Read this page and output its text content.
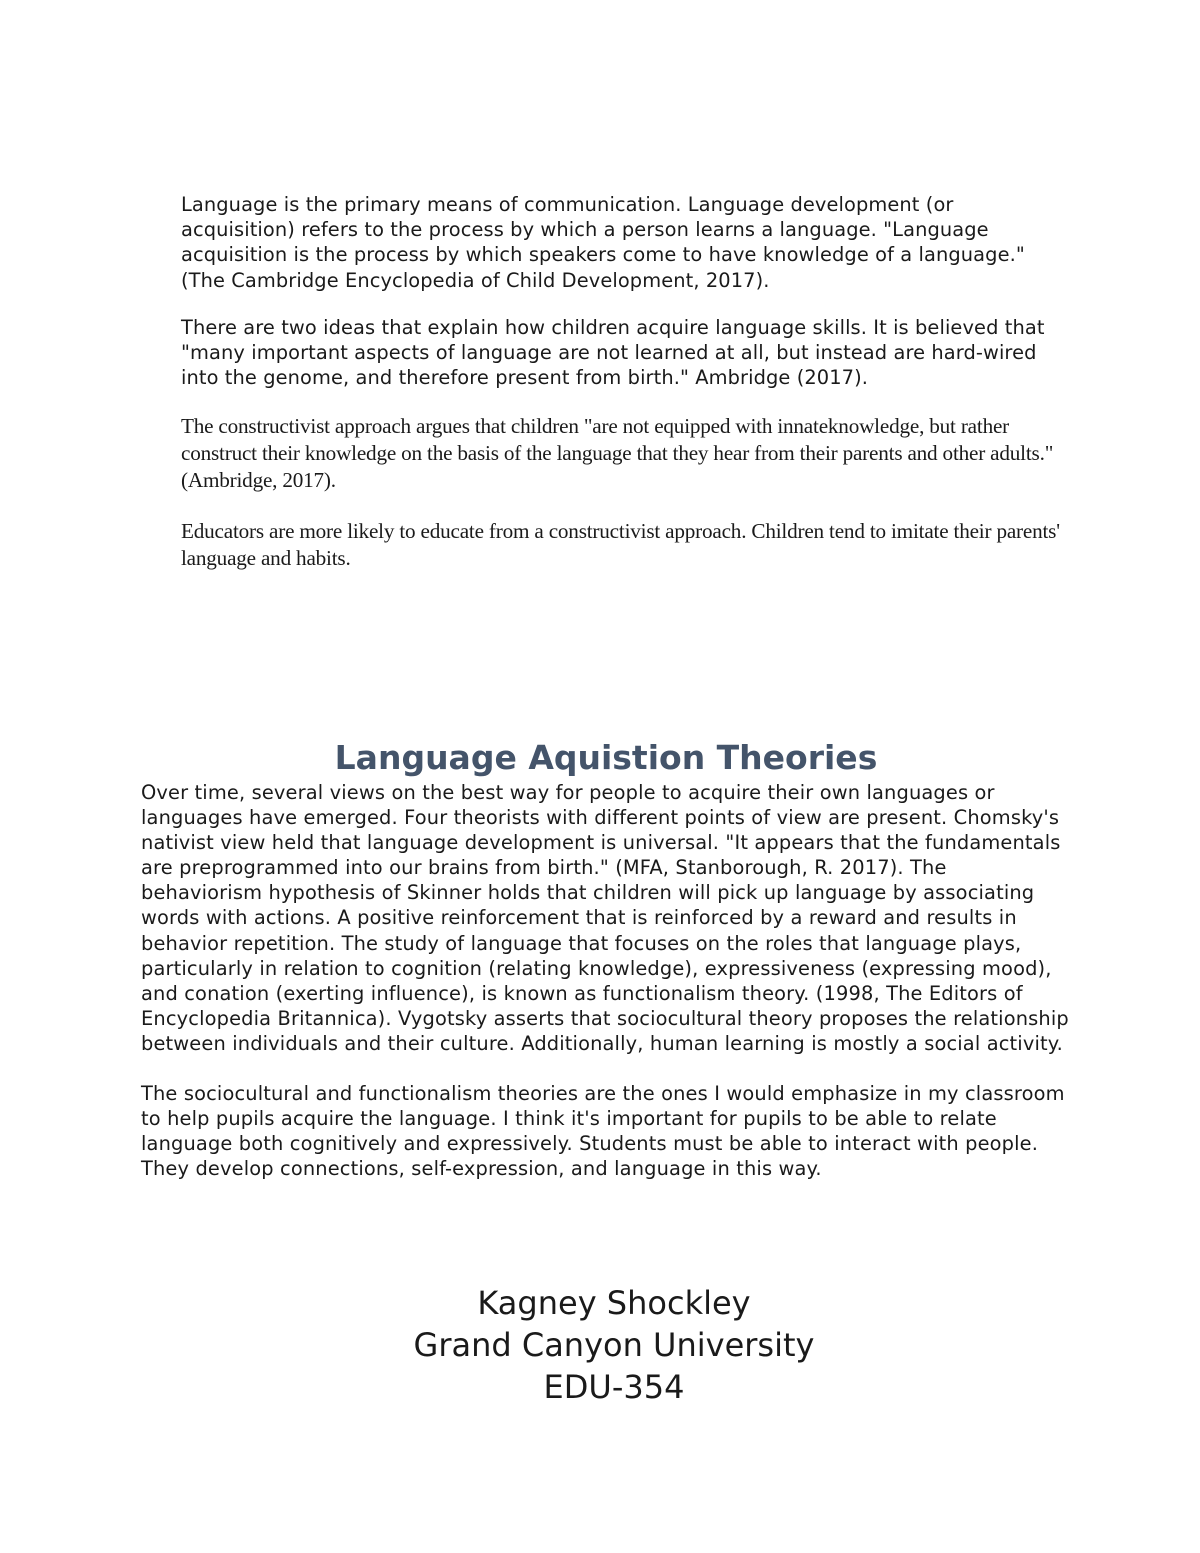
Language is the primary means of communication. Language development (or acquisition) refers to the process by which a person learns a language. "Language acquisition is the process by which speakers come to have knowledge of a language." (The Cambridge Encyclopedia of Child Development, 2017).

There are two ideas that explain how children acquire language skills. It is believed that "many important aspects of language are not learned at all, but instead are hard-wired into the genome, and therefore present from birth." Ambridge (2017).

The constructivist approach argues that children "are not equipped with innateknowledge, but rather construct their knowledge on the basis of the language that they hear from their parents and other adults." (Ambridge, 2017).

Educators are more likely to educate from a constructivist approach. Children tend to imitate their parents' language and habits.

Language Aquistion Theories

Over time, several views on the best way for people to acquire their own languages or languages have emerged. Four theorists with different points of view are present. Chomsky's nativist view held that language development is universal. "It appears that the fundamentals are preprogrammed into our brains from birth." (MFA, Stanborough, R. 2017). The behaviorism hypothesis of Skinner holds that children will pick up language by associating words with actions. A positive reinforcement that is reinforced by a reward and results in behavior repetition. The study of language that focuses on the roles that language plays, particularly in relation to cognition (relating knowledge), expressiveness (expressing mood), and conation (exerting influence), is known as functionalism theory. (1998, The Editors of Encyclopedia Britannica). Vygotsky asserts that sociocultural theory proposes the relationship between individuals and their culture. Additionally, human learning is mostly a social activity.

The sociocultural and functionalism theories are the ones I would emphasize in my classroom to help pupils acquire the language. I think it's important for pupils to be able to relate language both cognitively and expressively. Students must be able to interact with people. They develop connections, self-expression, and language in this way.

Kagney Shockley
Grand Canyon University
EDU-354
